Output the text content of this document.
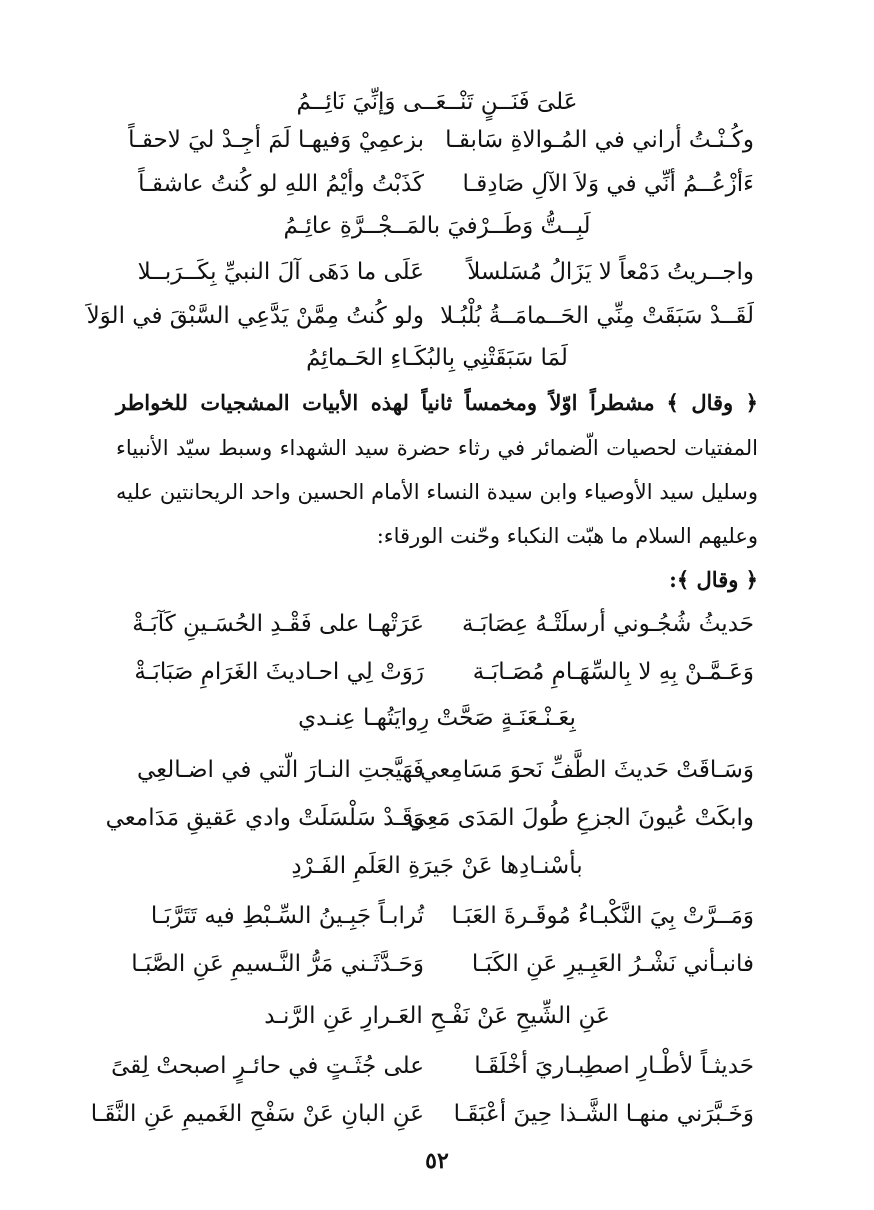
عَلىَ فَنَــنٍ تَنْــعَــى وَإنِّيَ نَائِــمُ
وكُـنْـتُ أراني في المُـوالاةِ سَابقـا
بزعمِيْ وَفيهـا لَمَ أجِـدْ ليَ لاحقـاً
ءَأزْعُــمُ أنِّي في وَلاَ الآلِ صَادِقـا
كَذَبْتُ وأيْمُ اللهِ لو كُنتُ عاشقـاً
لَبِــتُّ وَطَــرْفيَ بالمَــجْــرَّةِ عائِـمُ
واجــريتُ دَمْعاً لا يَزَالُ مُسَلسلاً
عَلَى ما دَهَى آلَ النبيِّ بِكَــرَبــلا
لَقَــدْ سَبَقَتْ مِنِّي الحَــمامَــةُ بُلْبُـلا
ولو كُنتُ مِمَّنْ يَدَّعِي السَّبْقَ في الوَلاَ
لَمَا سَبَقَتْنِي بِالبُكَـاءِ الحَـمائِمُ
﴿ وقال ﴾ مشطراً اوّلاً ومخمساً ثانياً لهذه الأبيات المشجيات للخواطر
المفتيات لحصيات الّضمائر في رثاء حضرة سيد الشهداء وسبط سيّد الأنبياء
وسليل سيد الأوصياء وابن سيدة النساء الأمام الحسين واحد الريحانتين عليه
وعليهم السلام ما هبّت النكباء وحّنت الورقاء:
﴿ وقال ﴾:
حَديثُ شُجُـوني أرسلَتْـهُ عِصَابَـة
عَرَتْهـا على فَقْـدِ الحُسَـينِ كَآبَـةْ
وَعَـمَّـنْ بِهِ لا بِالسِّهَـامِ مُصَـابَـة
رَوَتْ لِي احـاديثَ الغَرَامِ صَبَابَـةْ
بِعَـنْـعَنَـةٍ صَحَّتْ رِوايَتُهـا عِنـدي
وَسَـاقَتْ حَديثَ الطَّفِّ نَحوَ مَسَامِعي
فَهَيَّجتِ النـارَ الّتي في اضـالعِي
وابكَتْ عُيونَ الجزعِ طُولَ المَدَى مَعِي
وَقَـدْ سَلْسَلَتْ وادي عَقيقِ مَدَامعي
بأسْنـادِها عَنْ جَيرَةِ العَلَمِ الفَـرْدِ
وَمَــرَّتْ بِيَ النَّكْبـاءُ مُوقَـرةَ العَبَـا
تُرابـاً جَبِـينُ السِّـبْطِ فيه تَتَرَّبَـا
فانبـأني نَشْـرُ العَبِـيرِ عَنِ الكَبَـا
وَحَـدَّثَـني مَرُّ النَّـسيمِ عَنِ الصَّبَـا
عَنِ الشِّيحِ عَنْ نَفْـحِ العَـرارِ عَنِ الرَّنـد
حَديثـاً لأطْـارِ اصطِبـاريَ أخْلَقَـا
على جُثَـتٍ في حائـرٍ اصبحتْ لِقىً
وَخَـبَّرَني منهـا الشَّـذا حِينَ أعْبَقَـا
عَنِ البانِ عَنْ سَفْحِ الغَميمِ عَنِ النَّقَـا
٥٢
